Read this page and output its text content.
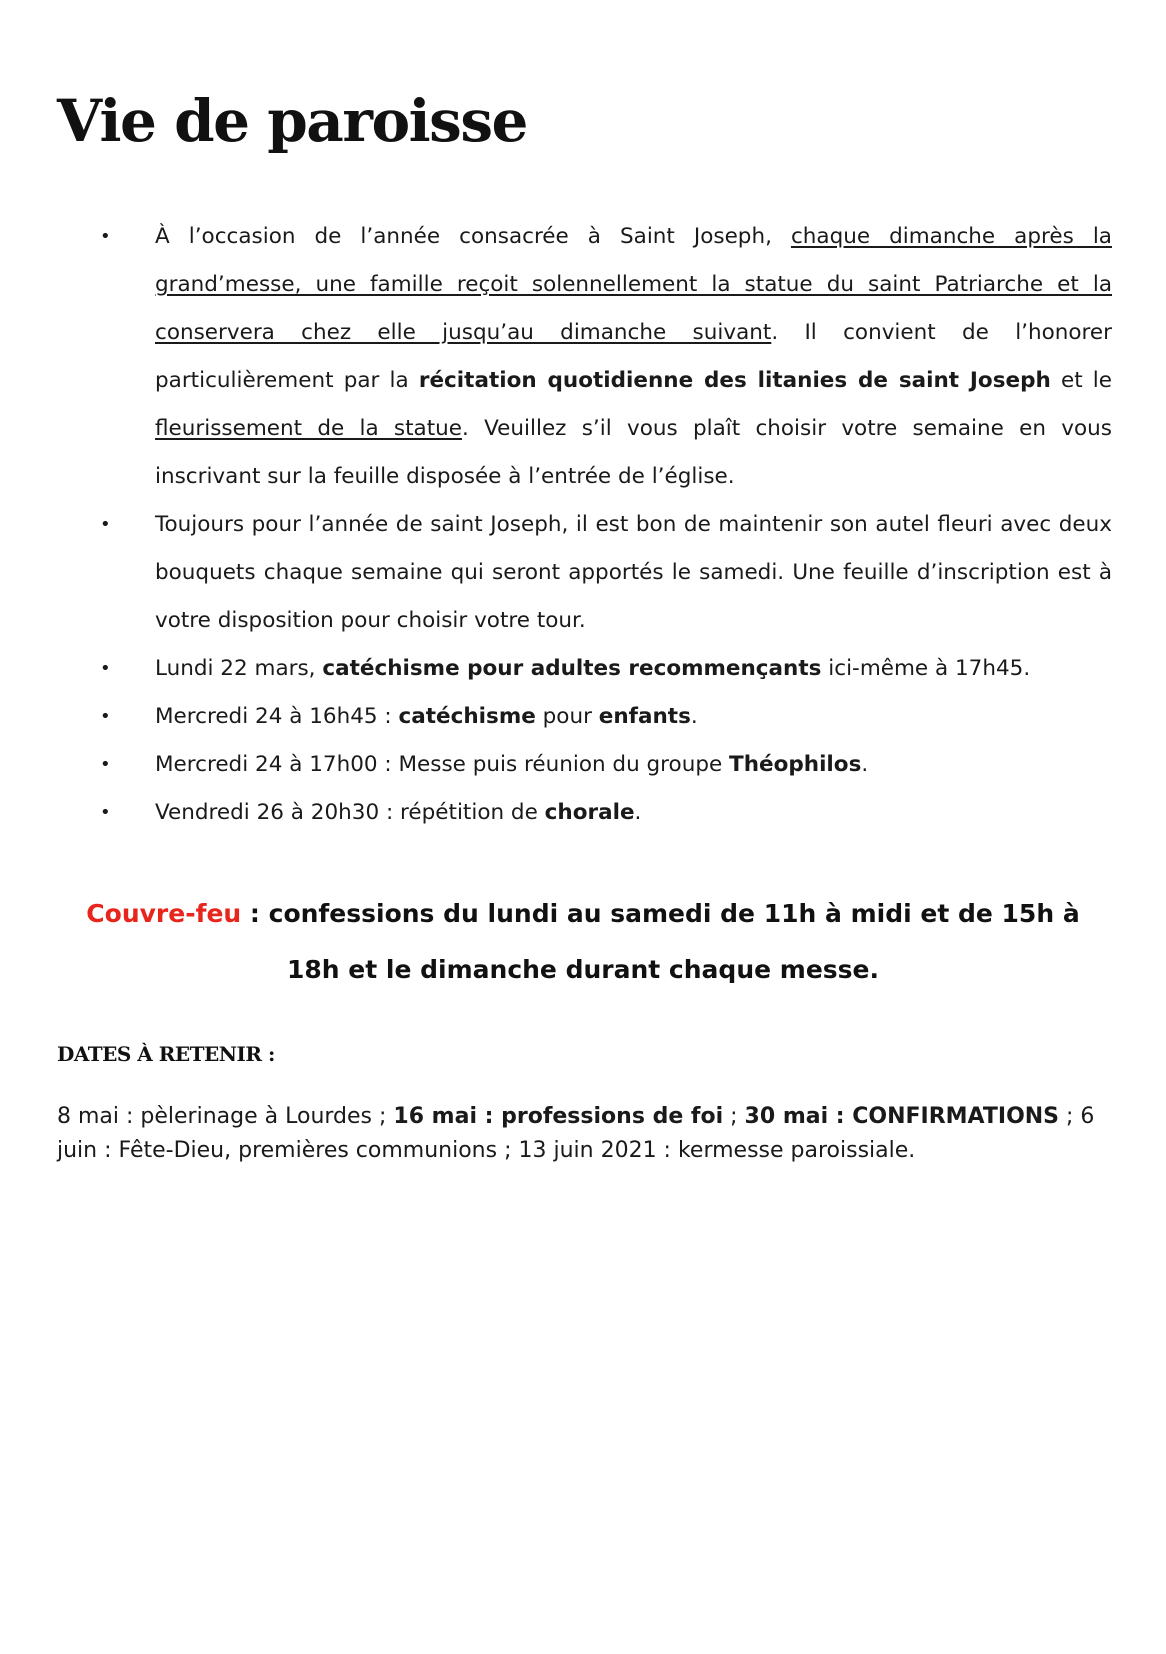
Vie de paroisse
• À l’occasion de l’année consacrée à Saint Joseph, chaque dimanche après la grand’messe, une famille reçoit solennellement la statue du saint Patriarche et la conservera chez elle jusqu’au dimanche suivant. Il convient de l’honorer particulièrement par la récitation quotidienne des litanies de saint Joseph et le fleurissement de la statue. Veuillez s’il vous plaît choisir votre semaine en vous inscrivant sur la feuille disposée à l’entrée de l’église.
• Toujours pour l’année de saint Joseph, il est bon de maintenir son autel fleuri avec deux bouquets chaque semaine qui seront apportés le samedi. Une feuille d’inscription est à votre disposition pour choisir votre tour.
• Lundi 22 mars, catéchisme pour adultes recommençants ici-même à 17h45.
• Mercredi 24 à 16h45 : catéchisme pour enfants.
• Mercredi 24 à 17h00 : Messe puis réunion du groupe Théophilos.
• Vendredi 26 à 20h30 : répétition de chorale.

Couvre-feu : confessions du lundi au samedi de 11h à midi et de 15h à 18h et le dimanche durant chaque messe.

DATES À RETENIR :

8 mai : pèlerinage à Lourdes ; 16 mai : professions de foi ; 30 mai : CONFIRMATIONS ; 6 juin : Fête-Dieu, premières communions ; 13 juin 2021 : kermesse paroissiale.
